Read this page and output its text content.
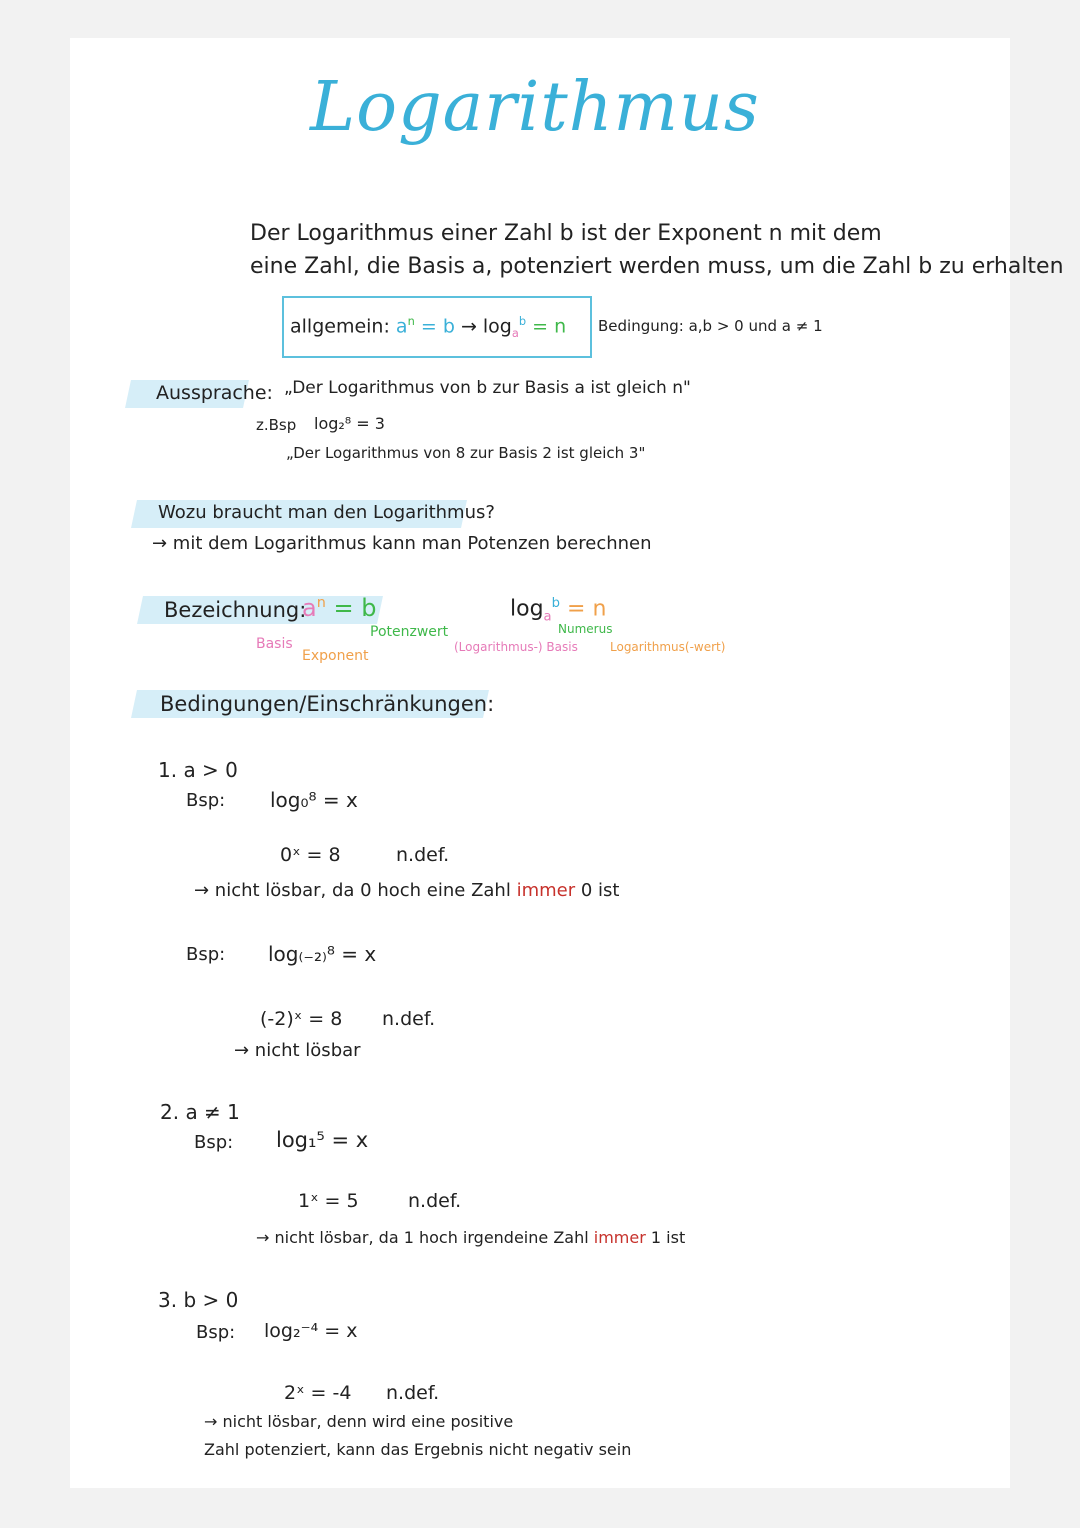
Logarithmus
Der Logarithmus einer Zahl b ist der Exponent n mit dem
eine Zahl, die Basis a, potenziert werden muss, um die Zahl b zu erhalten
allgemein: $a^n = b \to \log_a^b = n$ Bedingung: a,b > 0 und a ≠ 1
Aussprache: „Der Logarithmus von b zur Basis a ist gleich n"
z.Bsp log₂⁸ = 3
„Der Logarithmus von 8 zur Basis 2 ist gleich 3"
Wozu braucht man den Logarithmus?
→ mit dem Logarithmus kann man Potenzen berechnen
Bezeichnung:
$a^n = b$
Basis
Exponent
Potenzwert
$\log_a^b = n$
Numerus
(Logarithmus-) Basis	Logarithmus(-wert)
Bedingungen/Einschränkungen:
1. a > 0
Bsp: log₀⁸ = x
0ˣ = 8	n.def.
→ nicht lösbar, da 0 hoch eine Zahl immer 0 ist
Bsp: log₍₋₂₎⁸ = x
(-2)ˣ = 8 n.def.
→ nicht lösbar
2. a ≠ 1
Bsp: log₁⁵ = x
1ˣ = 5	n.def.
→ nicht lösbar, da 1 hoch irgendeine Zahl immer 1 ist
3. b > 0
Bsp: log₂⁻⁴ = x
2ˣ = -4 n.def.
→ nicht lösbar, denn wird eine positive
Zahl potenziert, kann das Ergebnis nicht negativ sein
